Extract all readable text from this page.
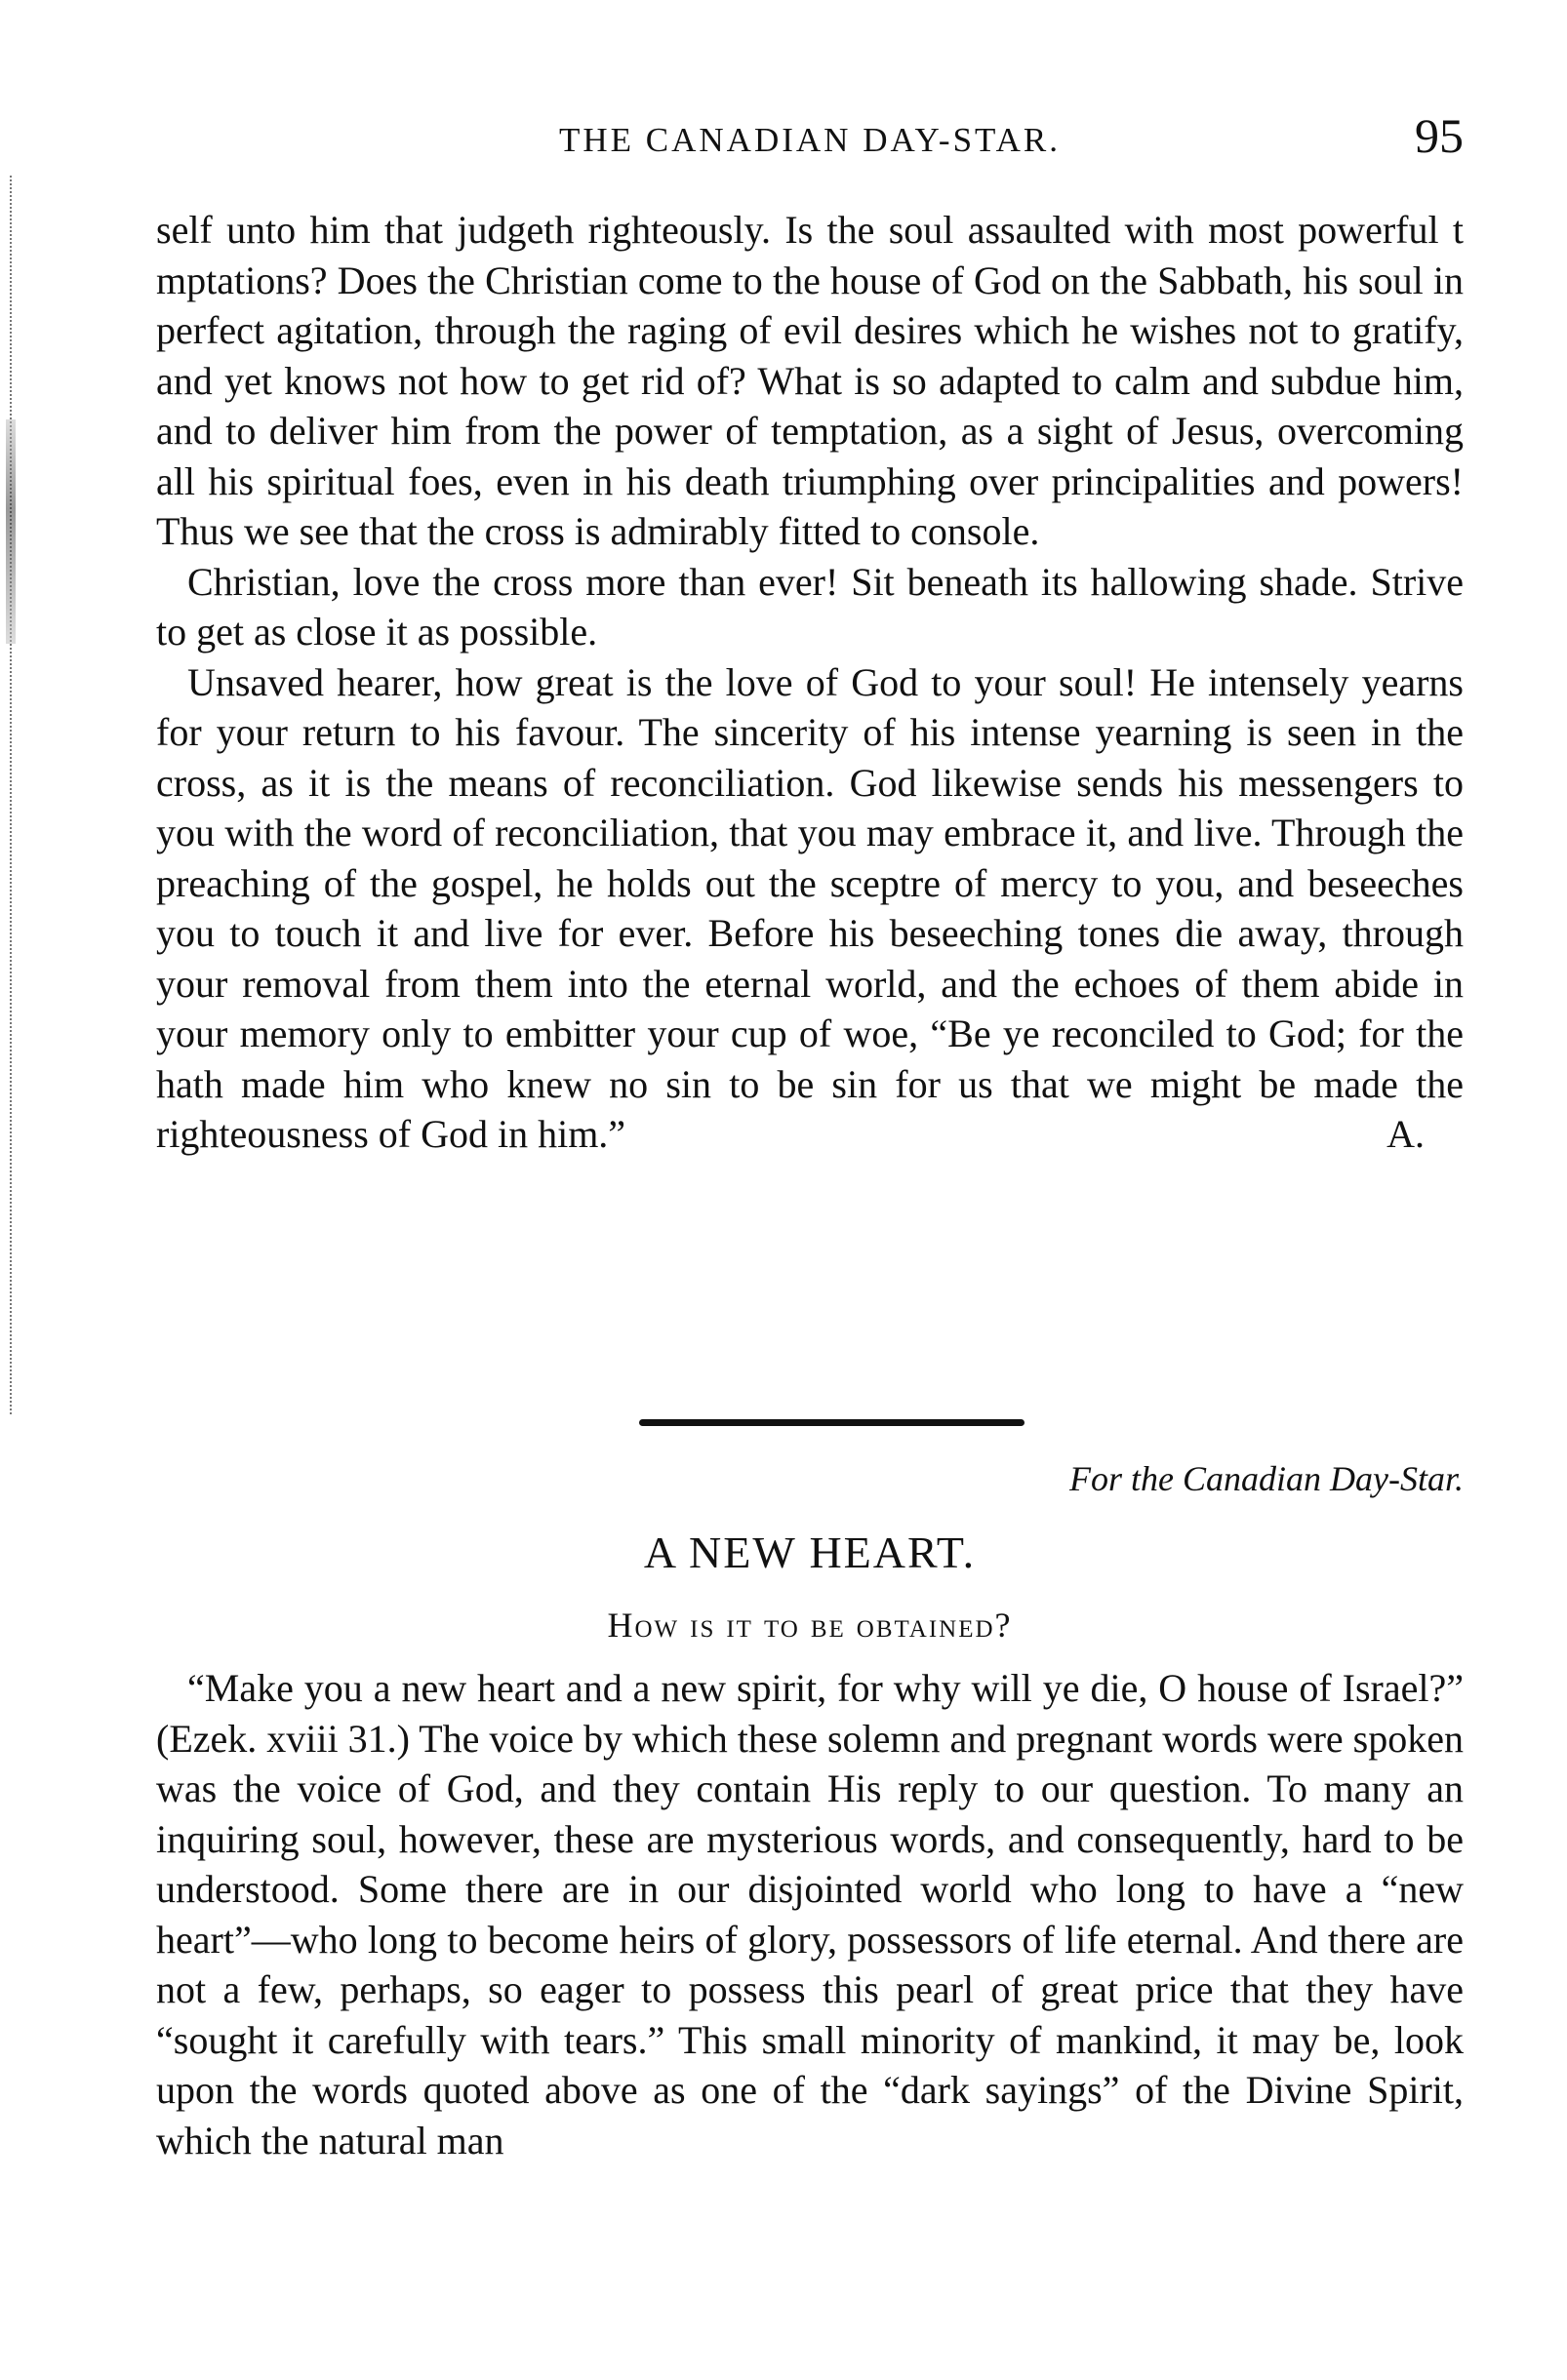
THE CANADIAN DAY-STAR.	95

self unto him that judgeth righteously. Is the soul assaulted with most powerful t mptations? Does the Christian come to the house of God on the Sabbath, his soul in perfect agitation, through the raging of evil desires which he wishes not to gratify, and yet knows not how to get rid of? What is so adapted to calm and subdue him, and to deliver him from the power of temptation, as a sight of Jesus, overcoming all his spiritual foes, even in his death triumphing over principalities and powers! Thus we see that the cross is admirably fitted to console.

Christian, love the cross more than ever! Sit beneath its hallowing shade. Strive to get as close it as possible.

Unsaved hearer, how great is the love of God to your soul! He intensely yearns for your return to his favour. The sincerity of his intense yearning is seen in the cross, as it is the means of reconciliation. God likewise sends his messengers to you with the word of reconciliation, that you may embrace it, and live. Through the preaching of the gospel, he holds out the sceptre of mercy to you, and beseeches you to touch it and live for ever. Before his beseeching tones die away, through your removal from them into the eternal world, and the echoes of them abide in your memory only to embitter your cup of woe, “Be ye reconciled to God; for the hath made him who knew no sin to be sin for us that we might be made the righteousness of God in him.”	A.

For the Canadian Day-Star.
A NEW HEART.
How is it to be obtained?

“Make you a new heart and a new spirit, for why will ye die, O house of Israel?” (Ezek. xviii 31.) The voice by which these solemn and pregnant words were spoken was the voice of God, and they contain His reply to our question. To many an inquiring soul, however, these are mysterious words, and consequently, hard to be understood. Some there are in our disjointed world who long to have a “new heart”—who long to become heirs of glory, possessors of life eternal. And there are not a few, perhaps, so eager to possess this pearl of great price that they have “sought it carefully with tears.” This small minority of mankind, it may be, look upon the words quoted above as one of the “dark sayings” of the Divine Spirit, which the natural man
